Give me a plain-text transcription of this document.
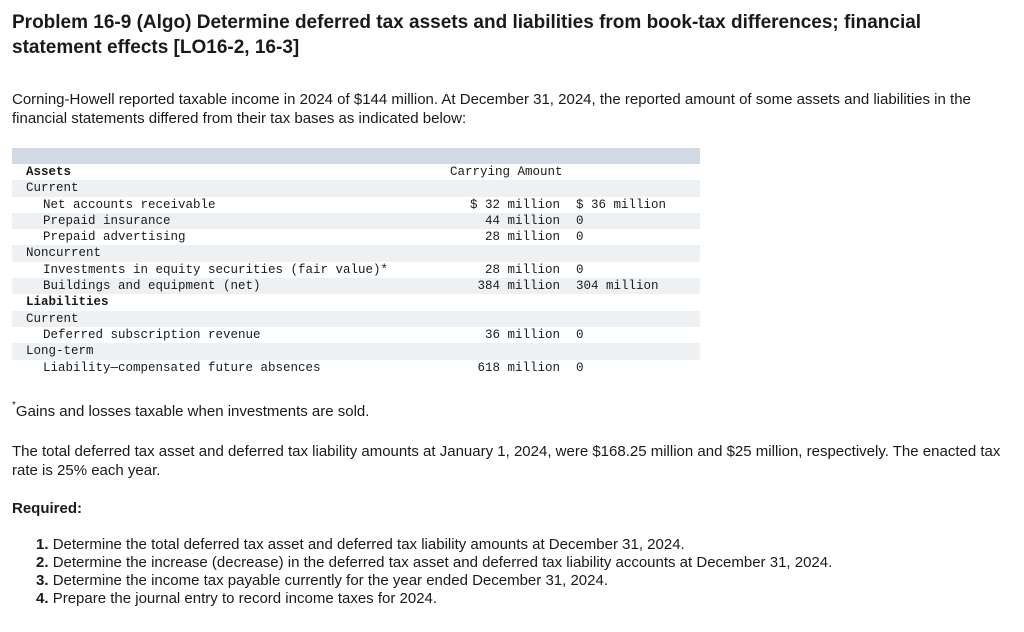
Problem 16-9 (Algo) Determine deferred tax assets and liabilities from book-tax differences; financial statement effects [LO16-2, 16-3]

Corning-Howell reported taxable income in 2024 of $144 million. At December 31, 2024, the reported amount of some assets and liabilities in the financial statements differed from their tax bases as indicated below:

Carrying Amount

Assets
Current
Net accounts receivable	$ 32 million $ 36 million
Prepaid insurance	44 million	0
Prepaid advertising	28 million	0
Noncurrent
Investments in equity securities (fair value)*	28 million	0
Buildings and equipment (net)	384 million 304 million
Liabilities
Current
Deferred subscription revenue	36 million	0
Long-term
Liability—compensated future absences	618 million	0
*Gains and losses taxable when investments are sold.

The total deferred tax asset and deferred tax liability amounts at January 1, 2024, were $168.25 million and $25 million, respectively. The enacted tax rate is 25% each year.

Required:
1. Determine the total deferred tax asset and deferred tax liability amounts at December 31, 2024.
2. Determine the increase (decrease) in the deferred tax asset and deferred tax liability accounts at December 31, 2024.
3. Determine the income tax payable currently for the year ended December 31, 2024.
4. Prepare the journal entry to record income taxes for 2024.
